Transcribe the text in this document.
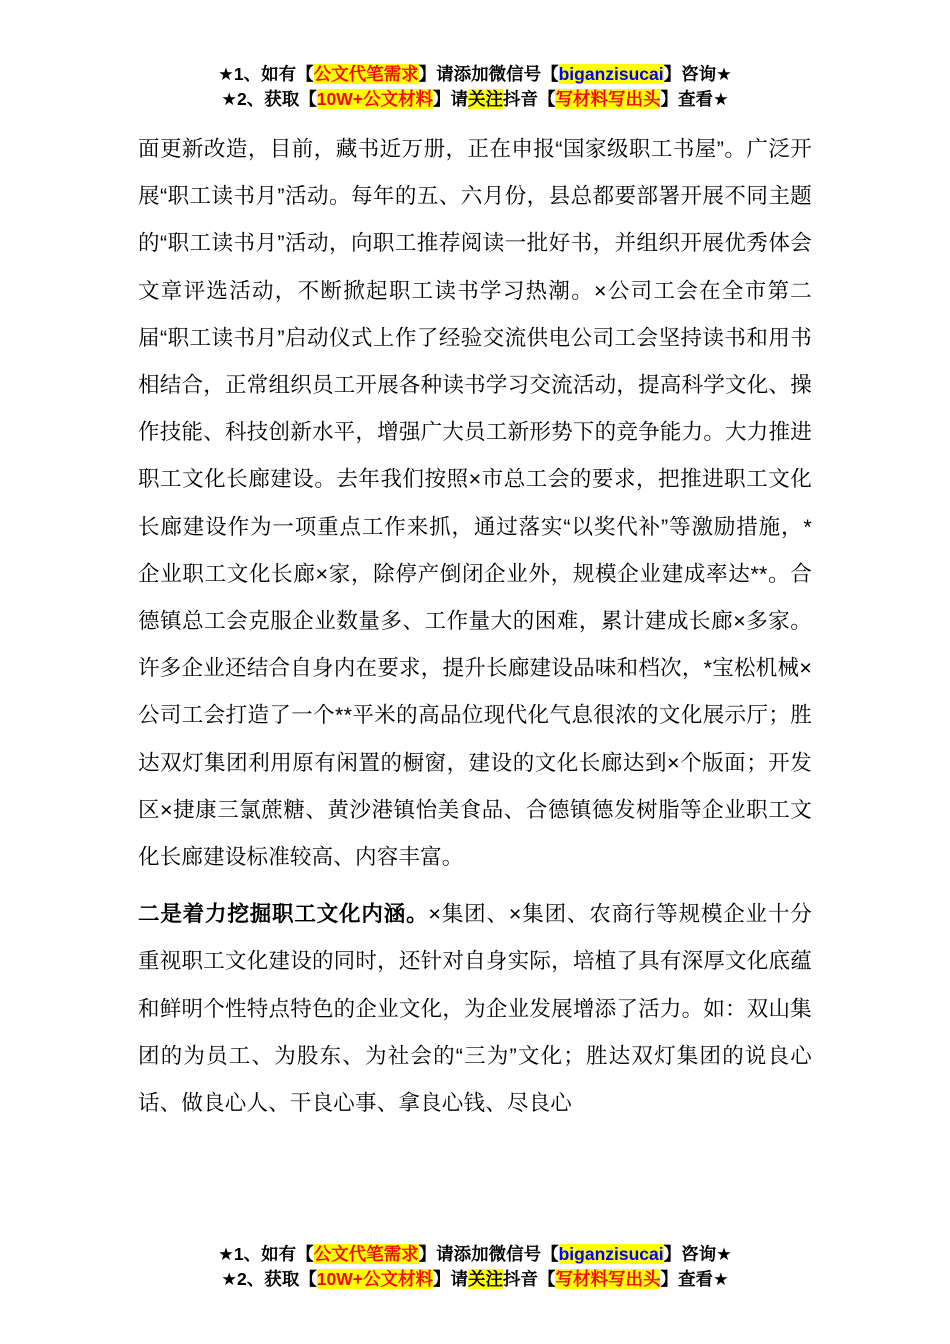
★1、如有【公文代笔需求】请添加微信号【biganzisucai】咨询★
★2、获取【10W+公文材料】请关注抖音【写材料写出头】查看★

面更新改造，目前，藏书近万册，正在申报“国家级职工书屋”。广泛开展“职工读书月”活动。每年的五、六月份，县总都要部署开展不同主题的“职工读书月”活动，向职工推荐阅读一批好书，并组织开展优秀体会文章评选活动，不断掀起职工读书学习热潮。×公司工会在全市第二届“职工读书月”启动仪式上作了经验交流供电公司工会坚持读书和用书相结合，正常组织员工开展各种读书学习交流活动，提高科学文化、操作技能、科技创新水平，增强广大员工新形势下的竞争能力。大力推进职工文化长廊建设。去年我们按照×市总工会的要求，把推进职工文化长廊建设作为一项重点工作来抓，通过落实“以奖代补”等激励措施，*企业职工文化长廊×家，除停产倒闭企业外，规模企业建成率达**。合德镇总工会克服企业数量多、工作量大的困难，累计建成长廊×多家。许多企业还结合自身内在要求，提升长廊建设品味和档次，*宝松机械×公司工会打造了一个**平米的高品位现代化气息很浓的文化展示厅；胜达双灯集团利用原有闲置的橱窗，建设的文化长廊达到×个版面；开发区×捷康三氯蔗糖、黄沙港镇怡美食品、合德镇德发树脂等企业职工文化长廊建设标准较高、内容丰富。

二是着力挖掘职工文化内涵。×集团、×集团、农商行等规模企业十分重视职工文化建设的同时，还针对自身实际，培植了具有深厚文化底蕴和鲜明个性特点特色的企业文化，为企业发展增添了活力。如：双山集团的为员工、为股东、为社会的“三为”文化；胜达双灯集团的说良心话、做良心人、干良心事、拿良心钱、尽良心

★1、如有【公文代笔需求】请添加微信号【biganzisucai】咨询★
★2、获取【10W+公文材料】请关注抖音【写材料写出头】查看★
